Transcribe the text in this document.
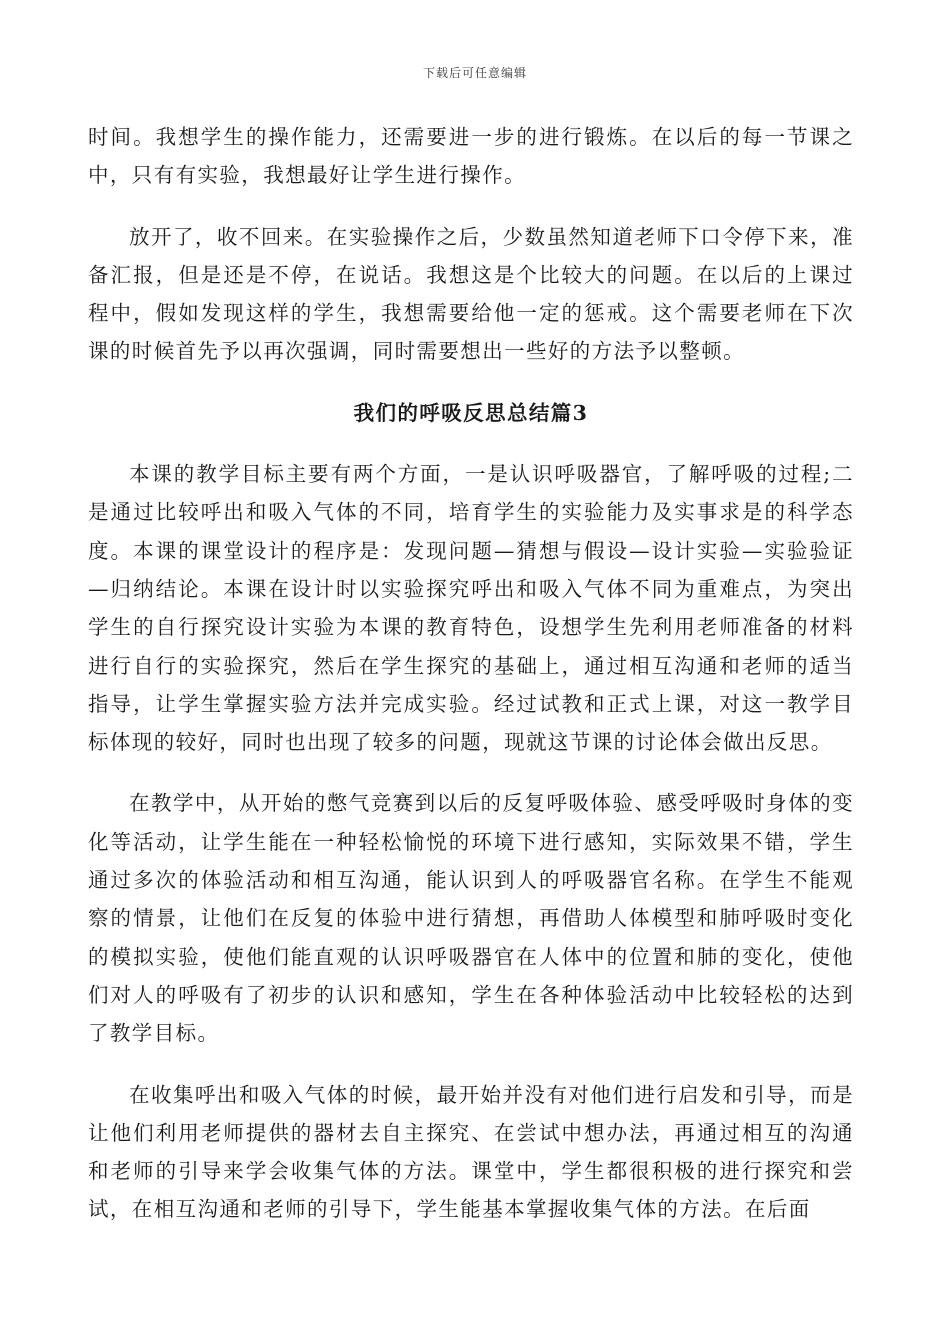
下载后可任意编辑

时间。我想学生的操作能力，还需要进一步的进行锻炼。在以后的每一节课之中，只有有实验，我想最好让学生进行操作。

放开了，收不回来。在实验操作之后，少数虽然知道老师下口令停下来，准备汇报，但是还是不停，在说话。我想这是个比较大的问题。在以后的上课过程中，假如发现这样的学生，我想需要给他一定的惩戒。这个需要老师在下次课的时候首先予以再次强调，同时需要想出一些好的方法予以整顿。

我们的呼吸反思总结篇3

本课的教学目标主要有两个方面，一是认识呼吸器官，了解呼吸的过程;二是通过比较呼出和吸入气体的不同，培育学生的实验能力及实事求是的科学态度。本课的课堂设计的程序是：发现问题—猜想与假设—设计实验—实验验证—归纳结论。本课在设计时以实验探究呼出和吸入气体不同为重难点，为突出学生的自行探究设计实验为本课的教育特色，设想学生先利用老师准备的材料进行自行的实验探究，然后在学生探究的基础上，通过相互沟通和老师的适当指导，让学生掌握实验方法并完成实验。经过试教和正式上课，对这一教学目标体现的较好，同时也出现了较多的问题，现就这节课的讨论体会做出反思。

在教学中，从开始的憋气竞赛到以后的反复呼吸体验、感受呼吸时身体的变化等活动，让学生能在一种轻松愉悦的环境下进行感知，实际效果不错，学生通过多次的体验活动和相互沟通，能认识到人的呼吸器官名称。在学生不能观察的情景，让他们在反复的体验中进行猜想，再借助人体模型和肺呼吸时变化的模拟实验，使他们能直观的认识呼吸器官在人体中的位置和肺的变化，使他们对人的呼吸有了初步的认识和感知，学生在各种体验活动中比较轻松的达到了教学目标。

在收集呼出和吸入气体的时候，最开始并没有对他们进行启发和引导，而是让他们利用老师提供的器材去自主探究、在尝试中想办法，再通过相互的沟通和老师的引导来学会收集气体的方法。课堂中，学生都很积极的进行探究和尝试，在相互沟通和老师的引导下，学生能基本掌握收集气体的方法。在后面
